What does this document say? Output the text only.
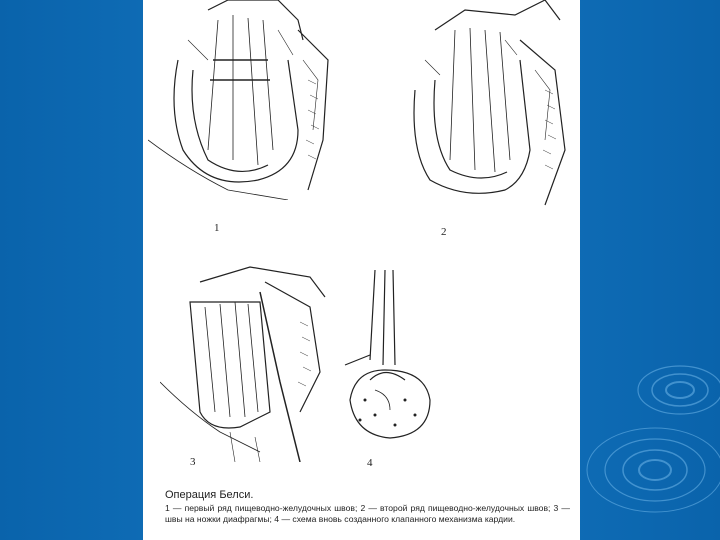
1	2
3	4
Операция Белси.
1 — первый ряд пищеводно-желудочных швов; 2 — второй ряд пищеводно-желудочных швов; 3 — швы на ножки диафрагмы; 4 — схема вновь созданного клапанного механизма кардии.
